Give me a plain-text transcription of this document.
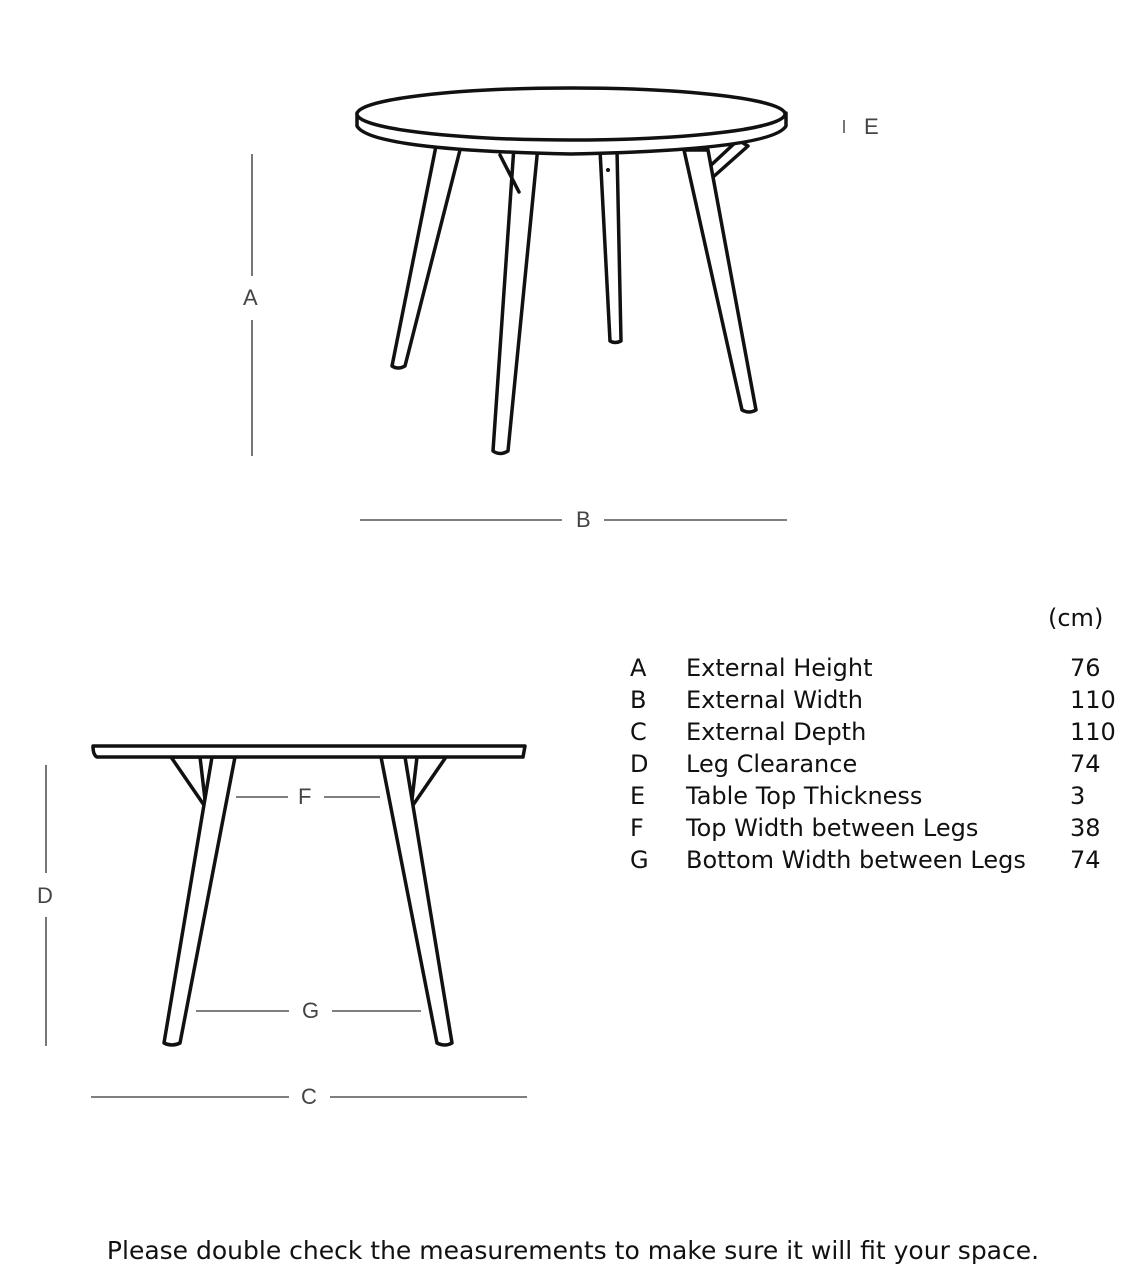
A
B
E
D
F
G
C
(cm)
A	External Height	76
B	External Width	110
C	External Depth	110
D	Leg Clearance	74
E	Table Top Thickness	3
F	Top Width between Legs	38
G	Bottom Width between Legs	74
Please double check the measurements to make sure it will fit your space.
